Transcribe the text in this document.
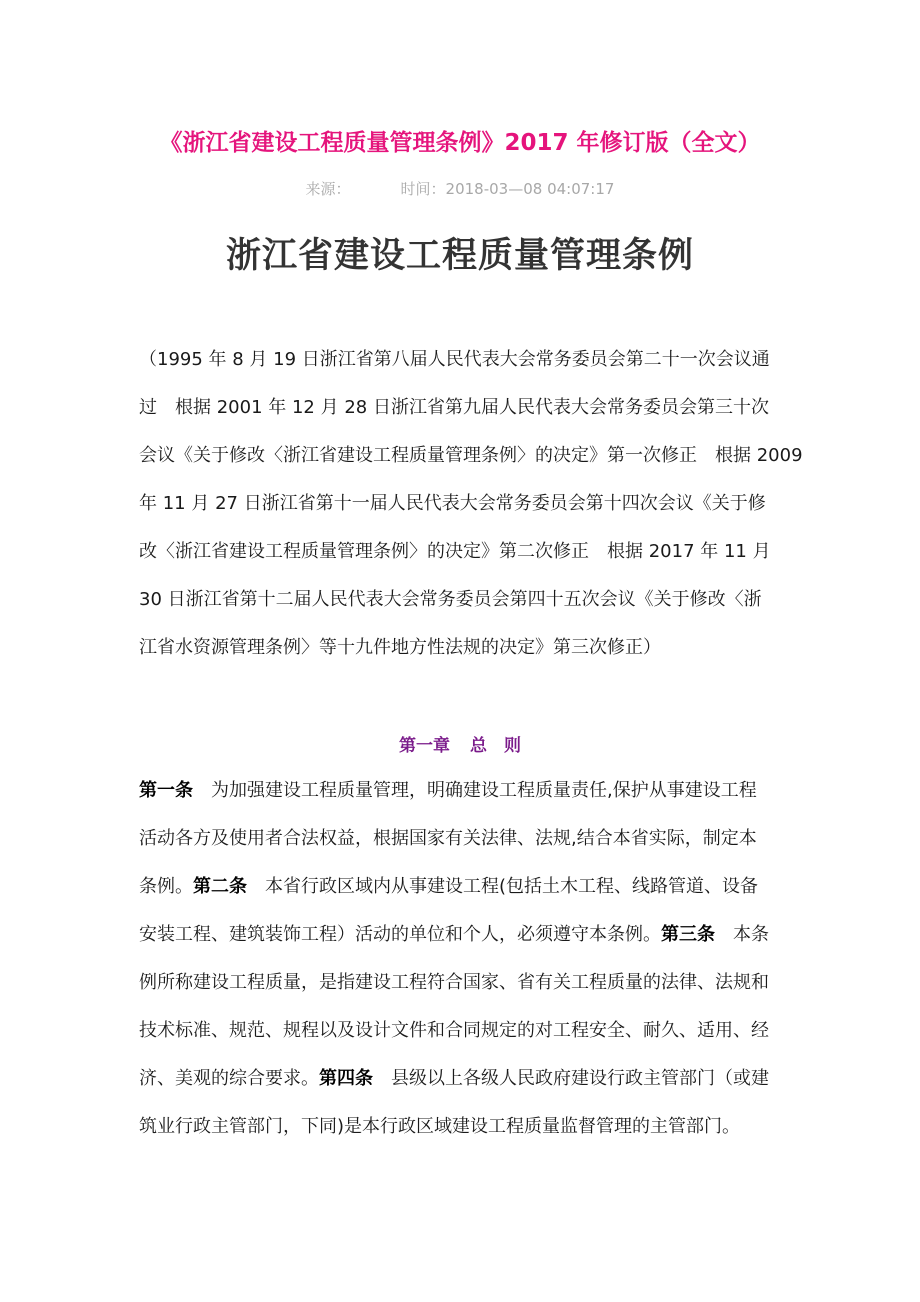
《浙江省建设工程质量管理条例》2017 年修订版（全文）
来源：	时间：2018-03—08 04:07:17
浙江省建设工程质量管理条例
（1995 年 8 月 19 日浙江省第八届人民代表大会常务委员会第二十一次会议通
过　根据 2001 年 12 月 28 日浙江省第九届人民代表大会常务委员会第三十次
会议《关于修改〈浙江省建设工程质量管理条例〉的决定》第一次修正　根据 2009
年 11 月 27 日浙江省第十一届人民代表大会常务委员会第十四次会议《关于修
改〈浙江省建设工程质量管理条例〉的决定》第二次修正　根据 2017 年 11 月
30 日浙江省第十二届人民代表大会常务委员会第四十五次会议《关于修改〈浙
江省水资源管理条例〉等十九件地方性法规的决定》第三次修正）
第一章 总　则
第一条　为加强建设工程质量管理，明确建设工程质量责任,保护从事建设工程
活动各方及使用者合法权益，根据国家有关法律、法规,结合本省实际，制定本
条例。第二条　本省行政区域内从事建设工程(包括土木工程、线路管道、设备
安装工程、建筑装饰工程）活动的单位和个人，必须遵守本条例。第三条　本条
例所称建设工程质量，是指建设工程符合国家、省有关工程质量的法律、法规和
技术标准、规范、规程以及设计文件和合同规定的对工程安全、耐久、适用、经
济、美观的综合要求。第四条　县级以上各级人民政府建设行政主管部门（或建
筑业行政主管部门，下同)是本行政区域建设工程质量监督管理的主管部门。
